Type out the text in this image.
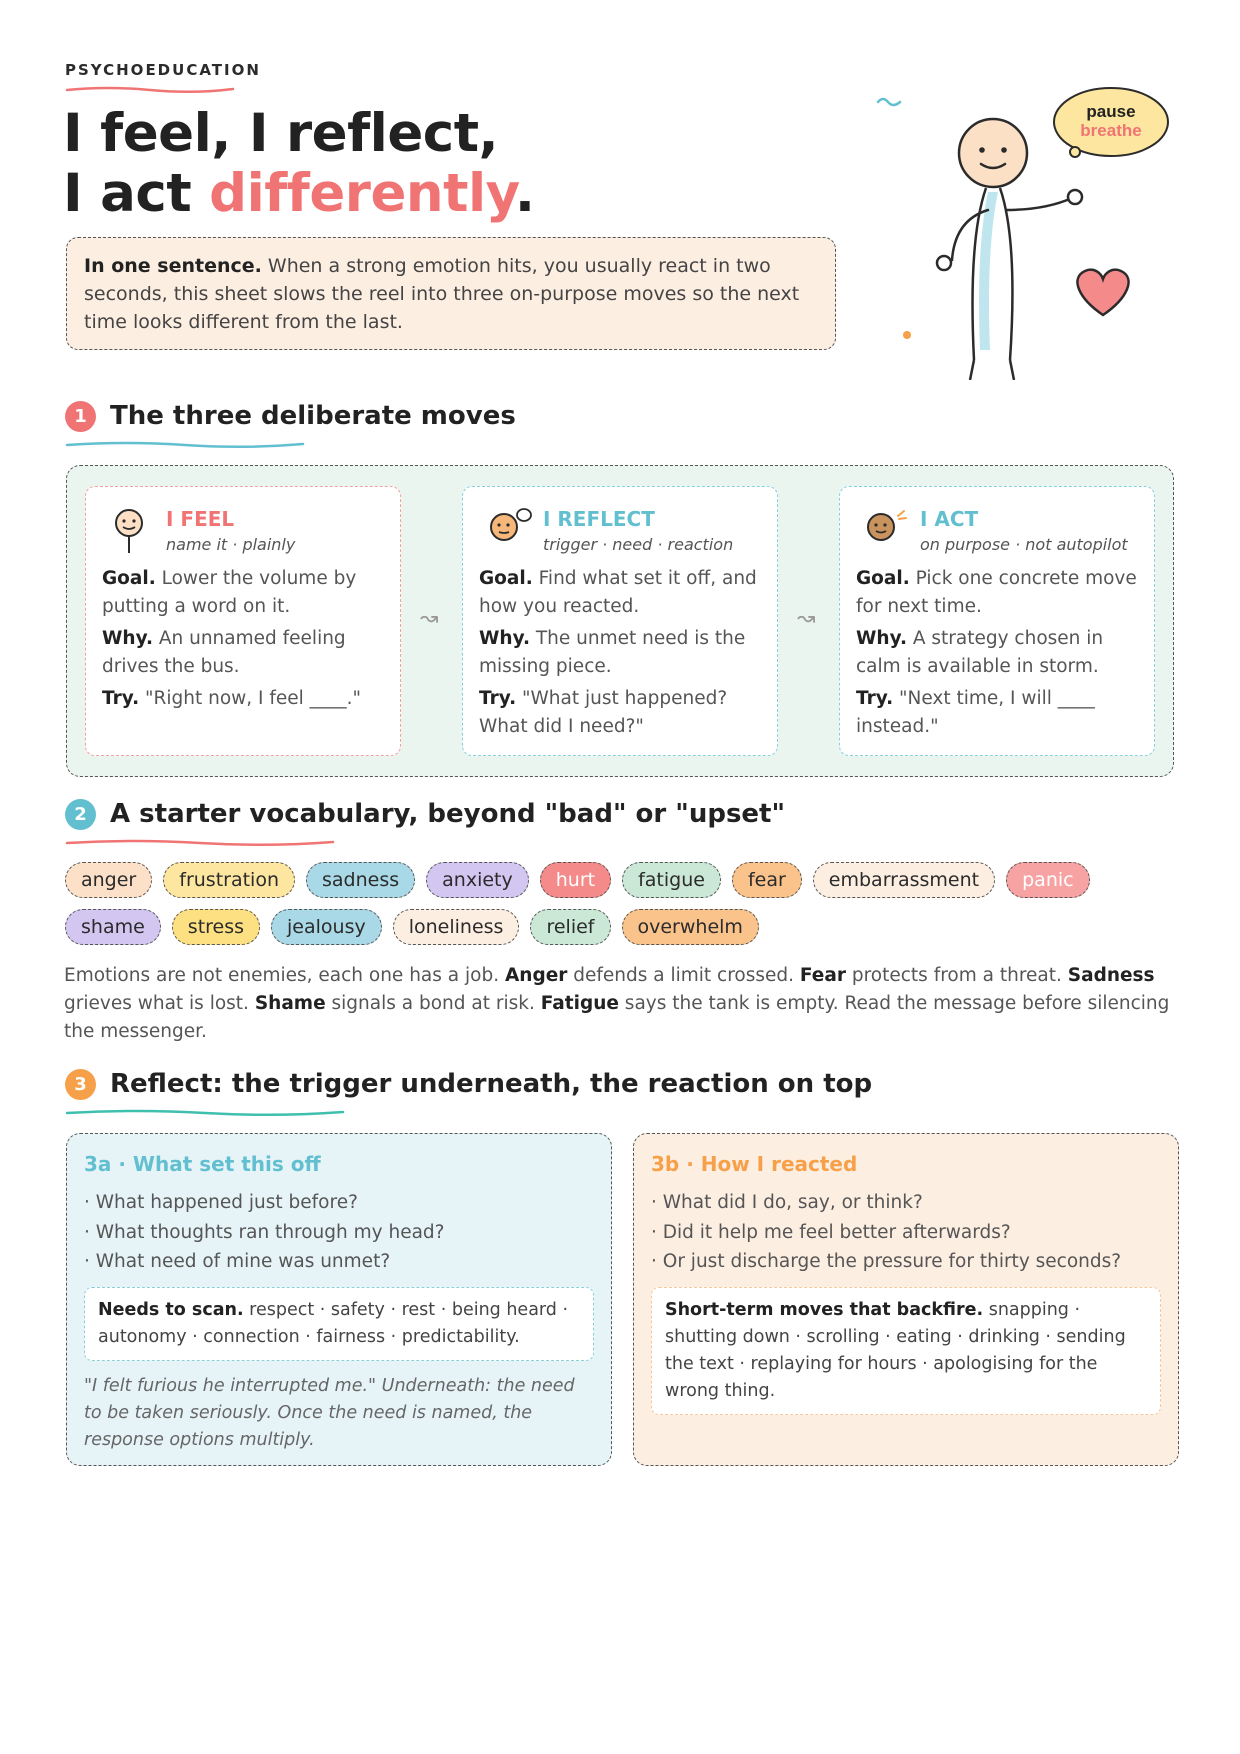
PSYCHOEDUCATION
I feel, I reflect,
I act differently.
In one sentence. When a strong emotion hits, you usually react in two seconds, this sheet slows the reel into three on-purpose moves so the next time looks different from the last.
pause
breathe
1 The three deliberate moves
I FEEL
name it · plainly

Goal. Lower the volume by putting a word on it.

Why. An unnamed feeling drives the bus.

Try. "Right now, I feel ____."

↝
I REFLECT
trigger · need · reaction

Goal. Find what set it off, and how you reacted.

Why. The unmet need is the missing piece.

Try. "What just happened? What did I need?"

↝
I ACT
on purpose · not autopilot

Goal. Pick one concrete move for next time.

Why. A strategy chosen in calm is available in storm.

Try. "Next time, I will ____ instead."

2 A starter vocabulary, beyond "bad" or "upset"
anger	frustration	sadness	anxiety	hurt	fatigue	fear	embarrassment	panic
shame	stress	jealousy	loneliness	relief	overwhelm

Emotions are not enemies, each one has a job. Anger defends a limit crossed. Fear protects from a threat. Sadness grieves what is lost. Shame signals a bond at risk. Fatigue says the tank is empty. Read the message before silencing the messenger.

3 Reflect: the trigger underneath, the reaction on top
3a · What set this off
· What happened just before?
· What thoughts ran through my head?
· What need of mine was unmet?
Needs to scan. respect · safety · rest · being heard · autonomy · connection · fairness · predictability.

"I felt furious he interrupted me." Underneath: the need to be taken seriously. Once the need is named, the response options multiply.

3b · How I reacted
· What did I do, say, or think?
· Did it help me feel better afterwards?
· Or just discharge the pressure for thirty seconds?
Short-term moves that backfire. snapping · shutting down · scrolling · eating · drinking · sending the text · replaying for hours · apologising for the wrong thing.
